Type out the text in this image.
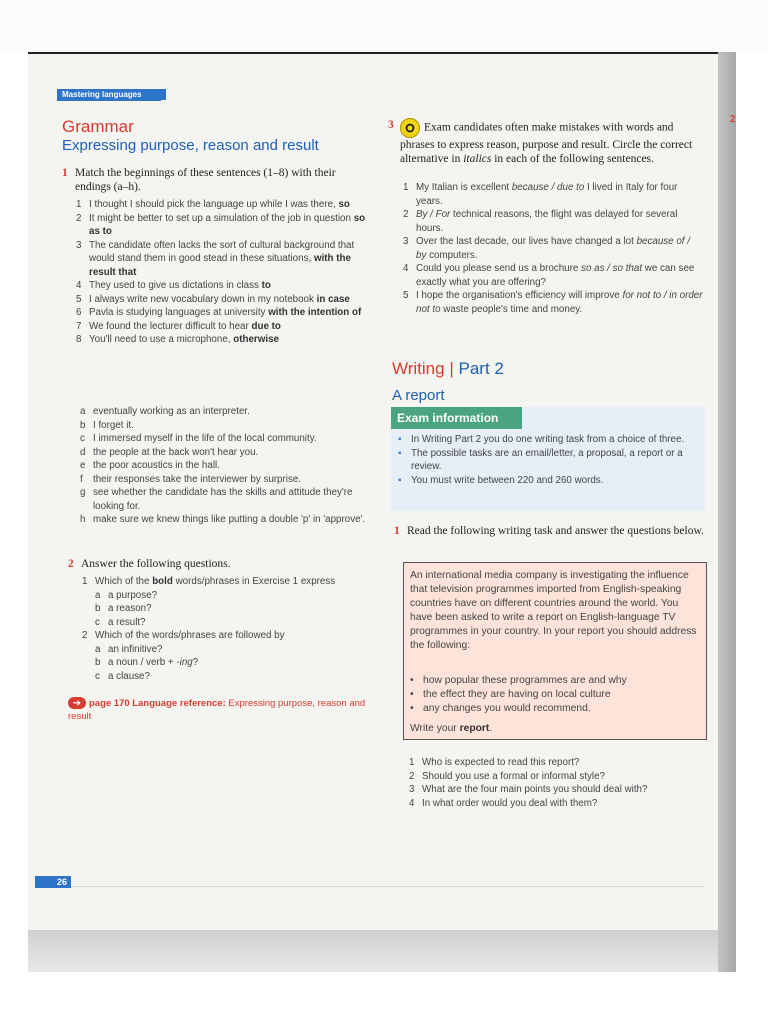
2
Mastering languages
Grammar
Expressing purpose, reason and result
1 Match the beginnings of these sentences (1–8) with their endings (a–h).
1 I thought I should pick the language up while I was there, so
2 It might be better to set up a simulation of the job in question so as to
3 The candidate often lacks the sort of cultural background that would stand them in good stead in these situations, with the result that
4 They used to give us dictations in class to
5 I always write new vocabulary down in my notebook in case
6 Pavla is studying languages at university with the intention of
7 We found the lecturer difficult to hear due to
8 You'll need to use a microphone, otherwise
a eventually working as an interpreter.
b I forget it.
c I immersed myself in the life of the local community.
d the people at the back won't hear you.
e the poor acoustics in the hall.
f	their responses take the interviewer by surprise.
g see whether the candidate has the skills and attitude they're looking for.
h make sure we knew things like putting a double 'p' in 'approve'.
2 Answer the following questions.
1 Which of the bold words/phrases in Exercise 1 express
a a purpose?
b a reason?
c a result?
2 Which of the words/phrases are followed by
a an infinitive?
b a noun / verb + -ing?
c a clause?
➔ page 170 Language reference: Expressing purpose, reason and result
26
3	Exam candidates often make mistakes with words and phrases to express reason, purpose and result. Circle the correct alternative in italics in each of the following sentences.
1 My Italian is excellent because / due to I lived in Italy for four years.
2 By / For technical reasons, the flight was delayed for several hours.
3 Over the last decade, our lives have changed a lot because of / by computers.
4 Could you please send us a brochure so as / so that we can see exactly what you are offering?
5 I hope the organisation's efficiency will improve for not to / in order not to waste people's time and money.
Writing | Part 2
A report
Exam information
▪ In Writing Part 2 you do one writing task from a choice of three.
▪ The possible tasks are an email/letter, a proposal, a report or a review.
▪ You must write between 220 and 260 words.
1 Read the following writing task and answer the questions below.
An international media company is investigating the influence that television programmes imported from English-speaking countries have on different countries around the world. You have been asked to write a report on English-language TV programmes in your country. In your report you should address the following:
• how popular these programmes are and why
• the effect they are having on local culture
• any changes you would recommend.
Write your report.
1 Who is expected to read this report?
2 Should you use a formal or informal style?
3 What are the four main points you should deal with?
4 In what order would you deal with them?
